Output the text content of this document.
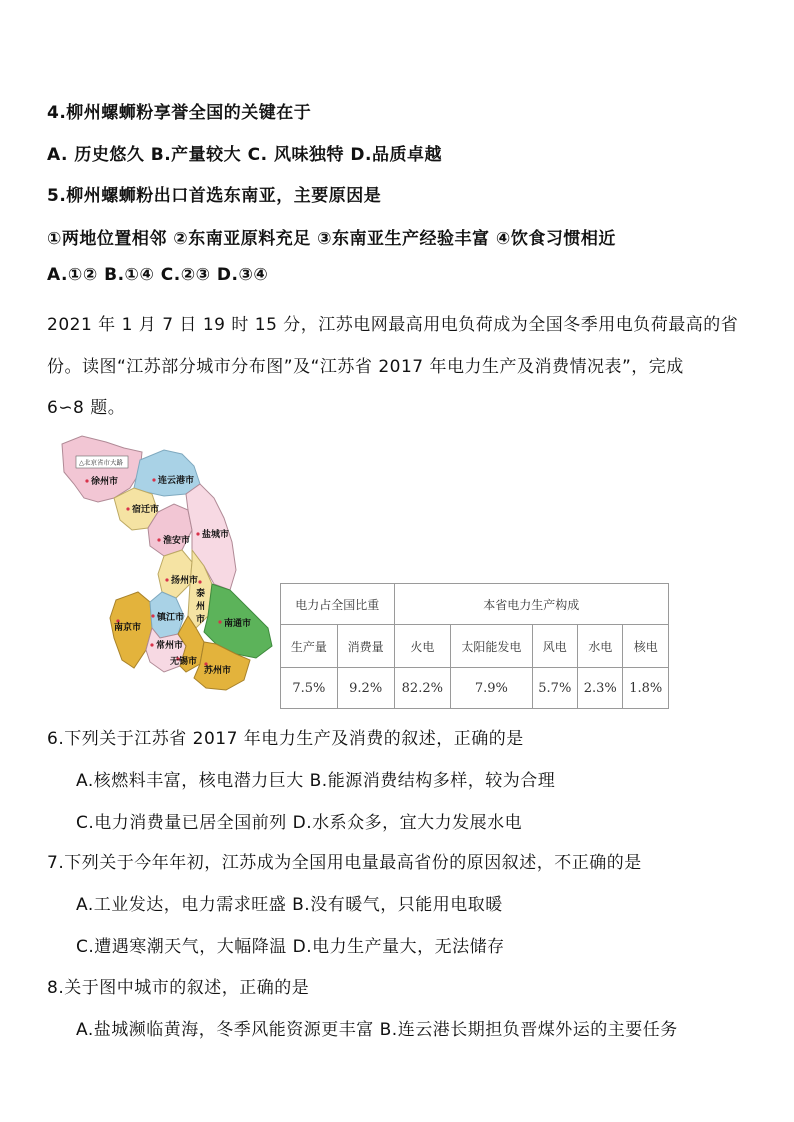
4.柳州螺蛳粉享誉全国的关键在于
A. 历史悠久 B.产量较大 C. 风味独特 D.品质卓越
5.柳州螺蛳粉出口首选东南亚，主要原因是
①两地位置相邻 ②东南亚原料充足 ③东南亚生产经验丰富 ④饮食习惯相近
A.①② B.①④ C.②③ D.③④
2021 年 1 月 7 日 19 时 15 分，江苏电网最高用电负荷成为全国冬季用电负荷最高的省
份。读图“江苏部分城市分布图”及“江苏省 2017 年电力生产及消费情况表”，完成
6∽8 题。
△北京省市大路
徐州市	连云港市
宿迁市
淮安市
盐城市
扬州市
泰
州
市
南京市
镇江市
南通市
常州市
无锡市
苏州市
电力占全国比重		本省电力生产构成				
生产量	消费量	火电	太阳能发电	风电	水电	核电
7.5%	9.2%	82.2%	7.9%	5.7%	2.3%	1.8%
6.下列关于江苏省 2017 年电力生产及消费的叙述，正确的是
A.核燃料丰富，核电潜力巨大 B.能源消费结构多样，较为合理
C.电力消费量已居全国前列 D.水系众多，宜大力发展水电
7.下列关于今年年初，江苏成为全国用电量最高省份的原因叙述，不正确的是
A.工业发达，电力需求旺盛 B.没有暖气，只能用电取暖
C.遭遇寒潮天气，大幅降温 D.电力生产量大，无法储存
8.关于图中城市的叙述，正确的是
A.盐城濒临黄海，冬季风能资源更丰富 B.连云港长期担负晋煤外运的主要任务
